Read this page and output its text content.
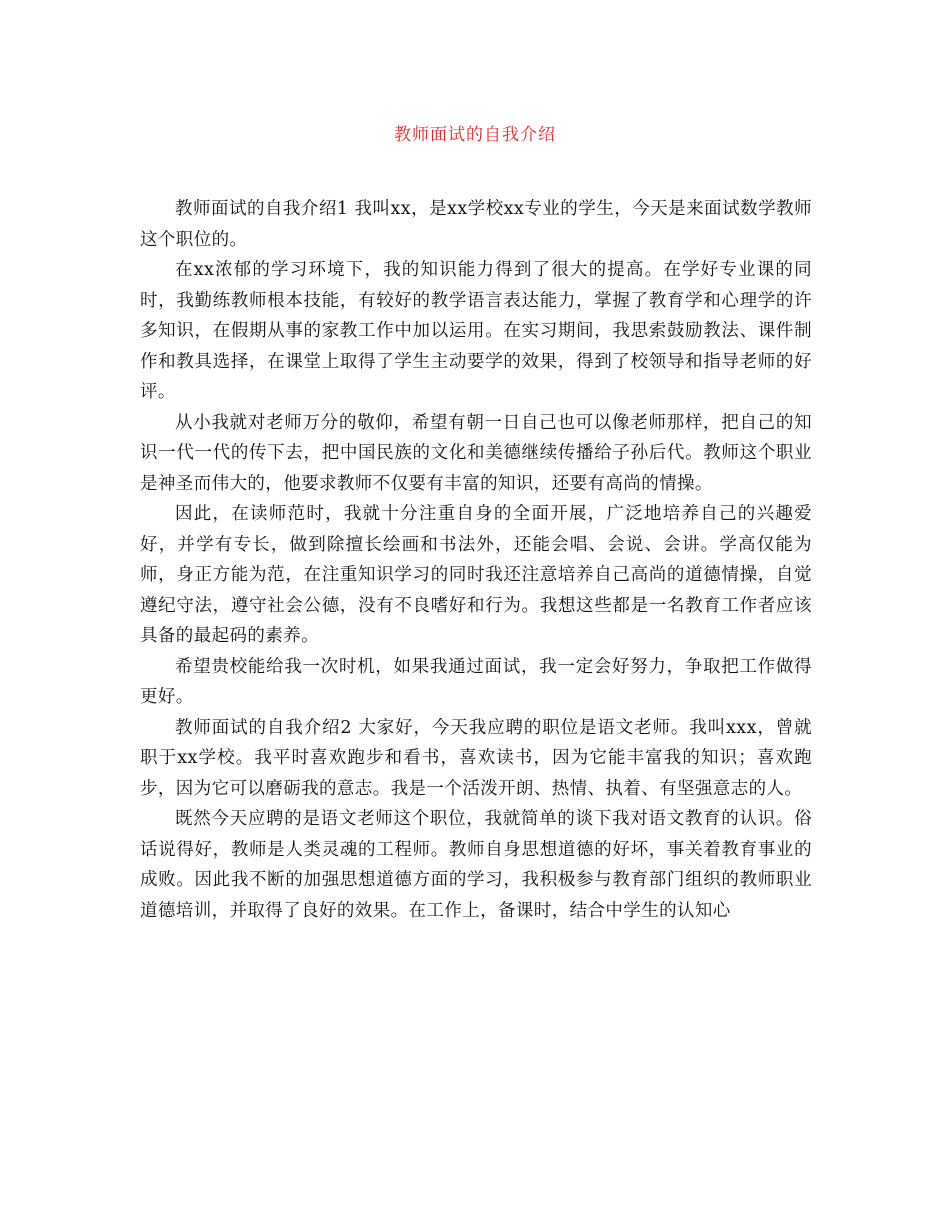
教师面试的自我介绍

教师面试的自我介绍1 我叫xx，是xx学校xx专业的学生，今天是来面试数学教师这个职位的。

在xx浓郁的学习环境下，我的知识能力得到了很大的提高。在学好专业课的同时，我勤练教师根本技能，有较好的教学语言表达能力，掌握了教育学和心理学的许多知识，在假期从事的家教工作中加以运用。在实习期间，我思索鼓励教法、课件制作和教具选择，在课堂上取得了学生主动要学的效果，得到了校领导和指导老师的好评。

从小我就对老师万分的敬仰，希望有朝一日自己也可以像老师那样，把自己的知识一代一代的传下去，把中国民族的文化和美德继续传播给子孙后代。教师这个职业是神圣而伟大的，他要求教师不仅要有丰富的知识，还要有高尚的情操。

因此，在读师范时，我就十分注重自身的全面开展，广泛地培养自己的兴趣爱好，并学有专长，做到除擅长绘画和书法外，还能会唱、会说、会讲。学高仅能为师，身正方能为范，在注重知识学习的同时我还注意培养自己高尚的道德情操，自觉遵纪守法，遵守社会公德，没有不良嗜好和行为。我想这些都是一名教育工作者应该具备的最起码的素养。

希望贵校能给我一次时机，如果我通过面试，我一定会好努力，争取把工作做得更好。

教师面试的自我介绍2 大家好，今天我应聘的职位是语文老师。我叫xxx，曾就职于xx学校。我平时喜欢跑步和看书，喜欢读书，因为它能丰富我的知识；喜欢跑步，因为它可以磨砺我的意志。我是一个活泼开朗、热情、执着、有坚强意志的人。

既然今天应聘的是语文老师这个职位，我就简单的谈下我对语文教育的认识。俗话说得好，教师是人类灵魂的工程师。教师自身思想道德的好坏，事关着教育事业的成败。因此我不断的加强思想道德方面的学习，我积极参与教育部门组织的教师职业道德培训，并取得了良好的效果。在工作上，备课时，结合中学生的认知心
